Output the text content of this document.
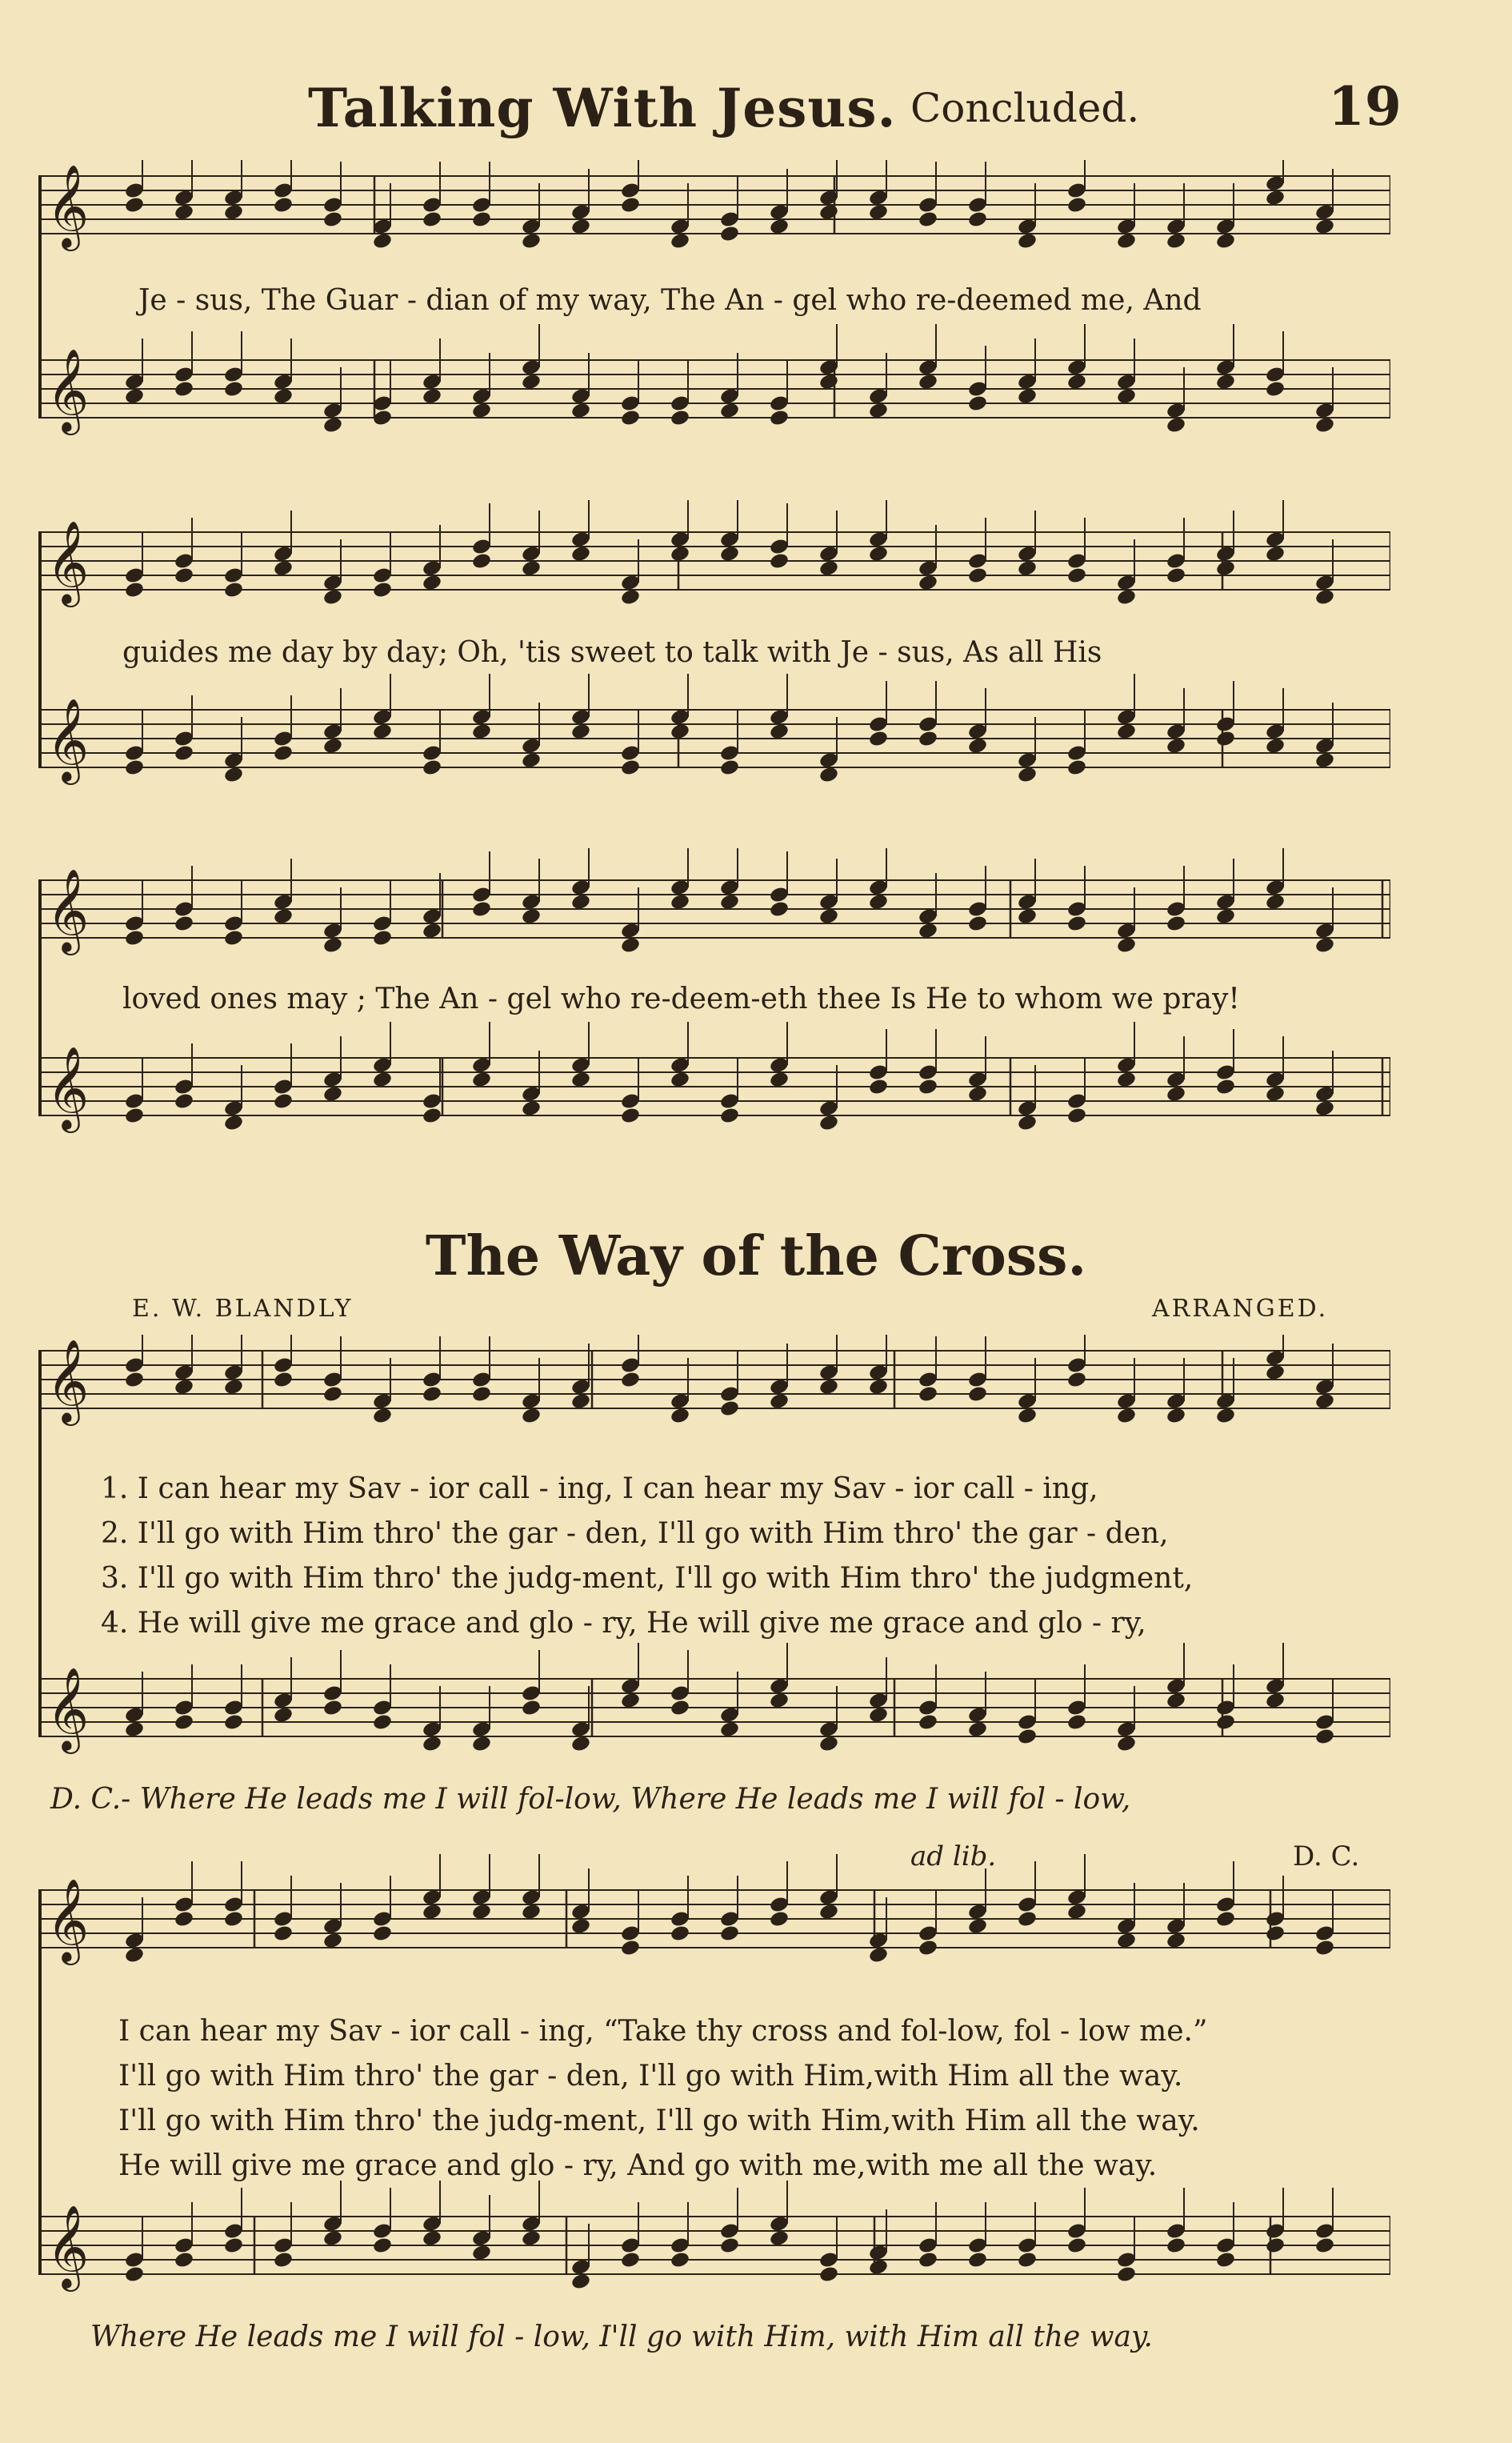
Talking With Jesus. Concluded.	19
𝄞
𝄞
Je - sus, The Guar - dian of my way, The An - gel who re-deemed me, And
𝄞
𝄞
guides me day by day; Oh, 'tis sweet to talk with Je - sus, As all His
𝄞
𝄞
loved ones may ; The An - gel who re-deem-eth thee Is He to whom we pray!
The Way of the Cross.
E. W. BLANDLY	ARRANGED.
𝄞
𝄞
1. I can hear my Sav - ior call - ing, I can hear my Sav - ior call - ing,
2. I'll go with Him thro' the gar - den, I'll go with Him thro' the gar - den,
3. I'll go with Him thro' the judg-ment, I'll go with Him thro' the judgment,
4. He will give me grace and glo - ry, He will give me grace and glo - ry,
D. C.- Where He leads me I will fol-low, Where He leads me I will fol - low,
ad lib.	D. C.
𝄞
𝄞
I can hear my Sav - ior call - ing, “Take thy cross and fol-low, fol - low me.”
I'll go with Him thro' the gar - den, I'll go with Him,with Him all the way.
I'll go with Him thro' the judg-ment, I'll go with Him,with Him all the way.
He will give me grace and glo - ry, And go with me,with me all the way.
Where He leads me I will fol - low, I'll go with Him, with Him all the way.
